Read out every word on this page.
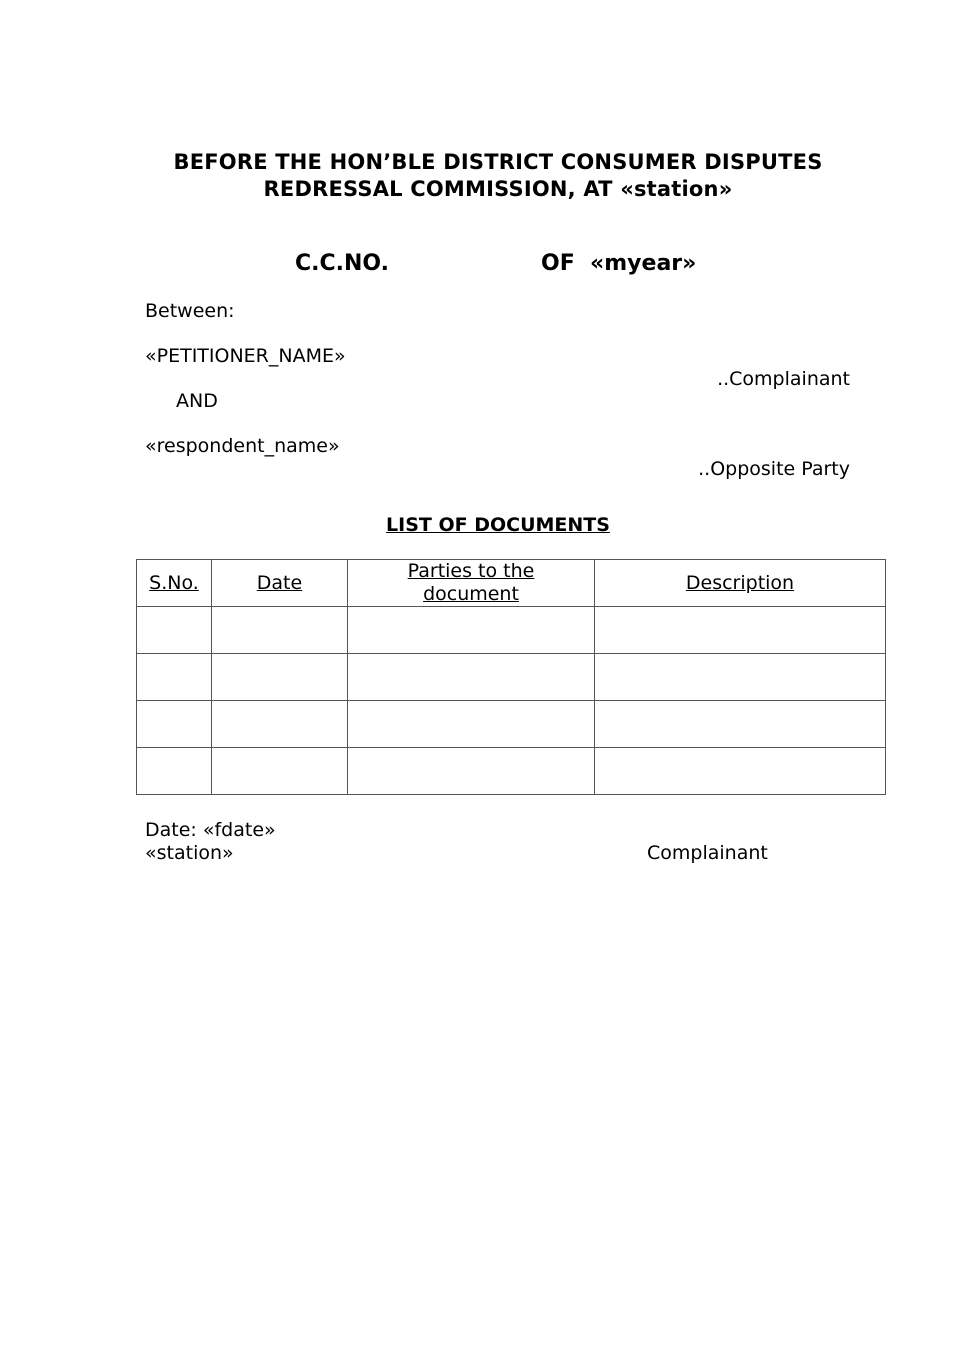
BEFORE THE HON’BLE DISTRICT CONSUMER DISPUTES
REDRESSAL COMMISSION, AT «station»
C.C.NO.	OF  «myear»
Between:
«PETITIONER_NAME»
..Complainant
AND
«respondent_name»
..Opposite Party
LIST OF DOCUMENTS
S.No.	Date	Parties to the document	Description

Date: «fdate»
«station»	Complainant
